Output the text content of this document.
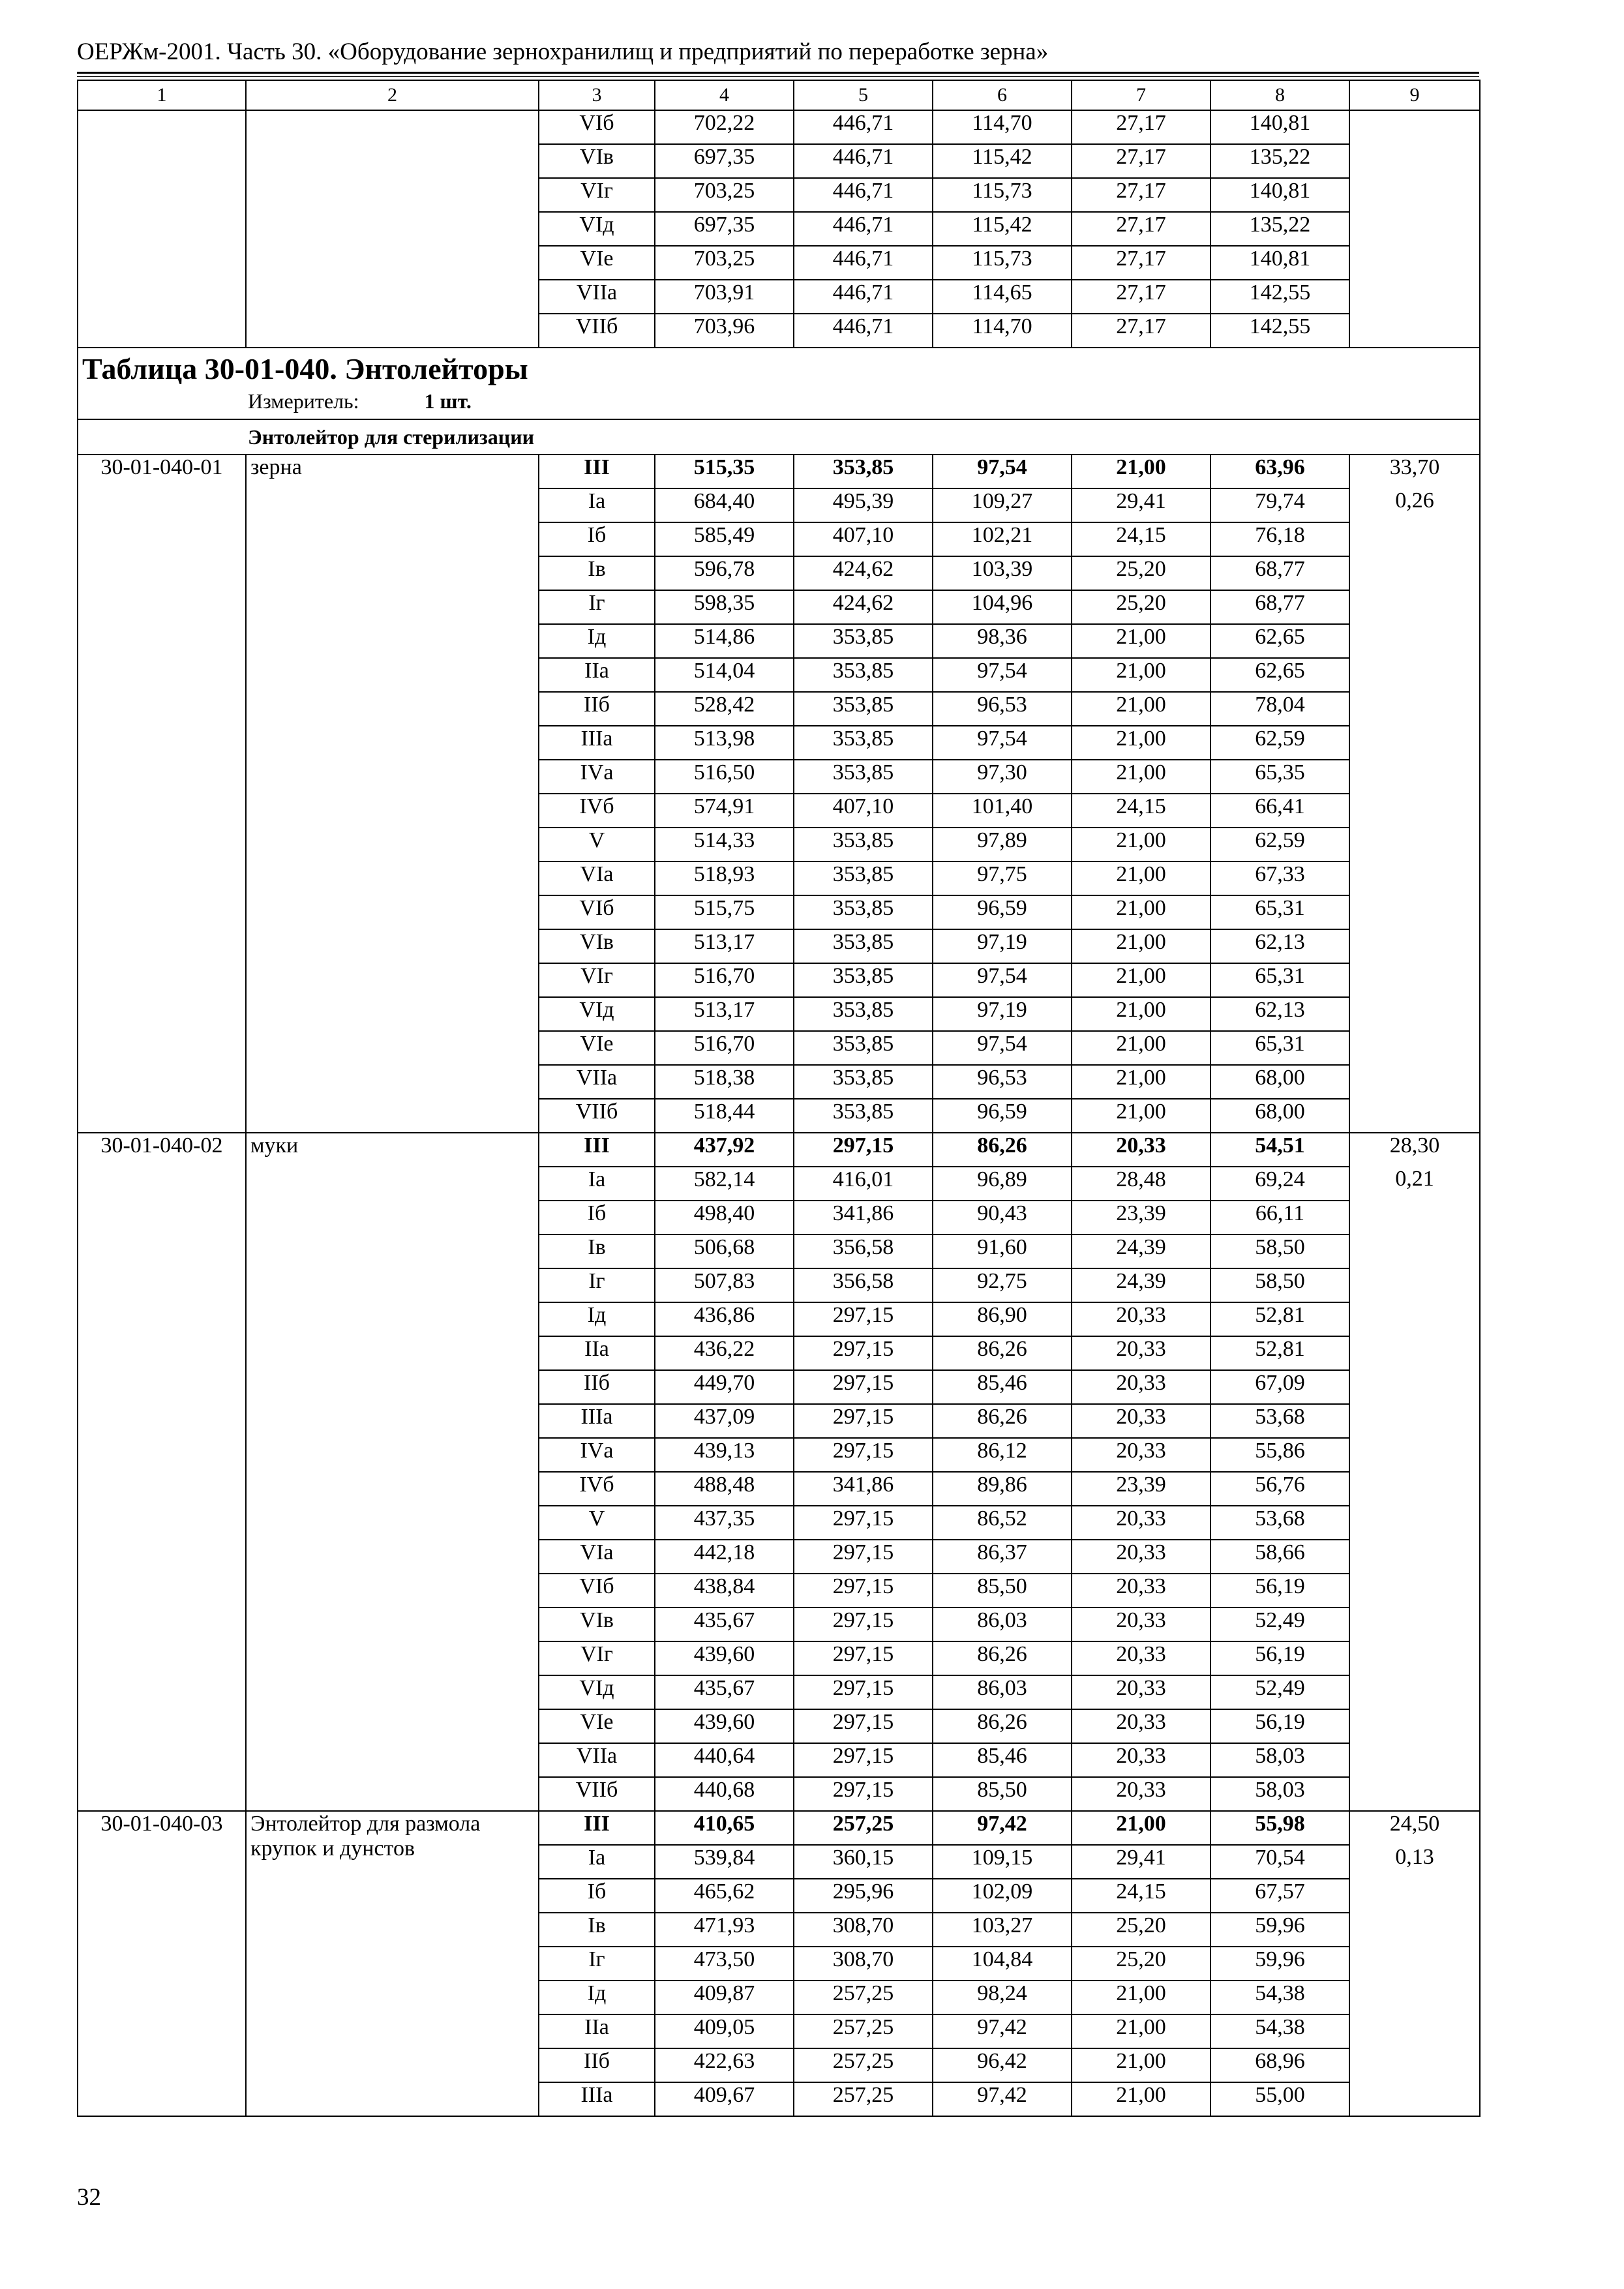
ОЕРЖм-2001. Часть 30. «Оборудование зернохранилищ и предприятий по переработке зерна»
1	2	3	4	5	6	7	8	9
		VIб	702,22	446,71	114,70	27,17	140,81	
		VIв	697,35	446,71	115,42	27,17	135,22	
		VIг	703,25	446,71	115,73	27,17	140,81	
		VIд	697,35	446,71	115,42	27,17	135,22	
		VIе	703,25	446,71	115,73	27,17	140,81	
		VIIа	703,91	446,71	114,65	27,17	142,55	
		VIIб	703,96	446,71	114,70	27,17	142,55	

Таблица 30-01-040. Энтолейторы
Измеритель: 1 шт.								

Энтолейтор для стерилизации								
30-01-040-01	зерна	III	515,35	353,85	97,54	21,00	63,96	33,70
		Iа	684,40	495,39	109,27	29,41	79,74	0,26
		Iб	585,49	407,10	102,21	24,15	76,18	
		Iв	596,78	424,62	103,39	25,20	68,77	
		Iг	598,35	424,62	104,96	25,20	68,77	
		Iд	514,86	353,85	98,36	21,00	62,65	
		IIа	514,04	353,85	97,54	21,00	62,65	
		IIб	528,42	353,85	96,53	21,00	78,04	
		IIIа	513,98	353,85	97,54	21,00	62,59	
		IVа	516,50	353,85	97,30	21,00	65,35	
		IVб	574,91	407,10	101,40	24,15	66,41	
		V	514,33	353,85	97,89	21,00	62,59	
		VIа	518,93	353,85	97,75	21,00	67,33	
		VIб	515,75	353,85	96,59	21,00	65,31	
		VIв	513,17	353,85	97,19	21,00	62,13	
		VIг	516,70	353,85	97,54	21,00	65,31	
		VIд	513,17	353,85	97,19	21,00	62,13	
		VIе	516,70	353,85	97,54	21,00	65,31	
		VIIа	518,38	353,85	96,53	21,00	68,00	
		VIIб	518,44	353,85	96,59	21,00	68,00	
30-01-040-02	муки	III	437,92	297,15	86,26	20,33	54,51	28,30
		Iа	582,14	416,01	96,89	28,48	69,24	0,21
		Iб	498,40	341,86	90,43	23,39	66,11	
		Iв	506,68	356,58	91,60	24,39	58,50	
		Iг	507,83	356,58	92,75	24,39	58,50	
		Iд	436,86	297,15	86,90	20,33	52,81	
		IIа	436,22	297,15	86,26	20,33	52,81	
		IIб	449,70	297,15	85,46	20,33	67,09	
		IIIа	437,09	297,15	86,26	20,33	53,68	
		IVа	439,13	297,15	86,12	20,33	55,86	
		IVб	488,48	341,86	89,86	23,39	56,76	
		V	437,35	297,15	86,52	20,33	53,68	
		VIа	442,18	297,15	86,37	20,33	58,66	
		VIб	438,84	297,15	85,50	20,33	56,19	
		VIв	435,67	297,15	86,03	20,33	52,49	
		VIг	439,60	297,15	86,26	20,33	56,19	
		VIд	435,67	297,15	86,03	20,33	52,49	
		VIе	439,60	297,15	86,26	20,33	56,19	
		VIIа	440,64	297,15	85,46	20,33	58,03	
		VIIб	440,68	297,15	85,50	20,33	58,03	
30-01-040-03	Энтолейтор для размола крупок и дунстов	III	410,65	257,25	97,42	21,00	55,98	24,50
		Iа	539,84	360,15	109,15	29,41	70,54	0,13
		Iб	465,62	295,96	102,09	24,15	67,57	
		Iв	471,93	308,70	103,27	25,20	59,96	
		Iг	473,50	308,70	104,84	25,20	59,96	
		Iд	409,87	257,25	98,24	21,00	54,38	
		IIа	409,05	257,25	97,42	21,00	54,38	
		IIб	422,63	257,25	96,42	21,00	68,96	
		IIIа	409,67	257,25	97,42	21,00	55,00	
32
